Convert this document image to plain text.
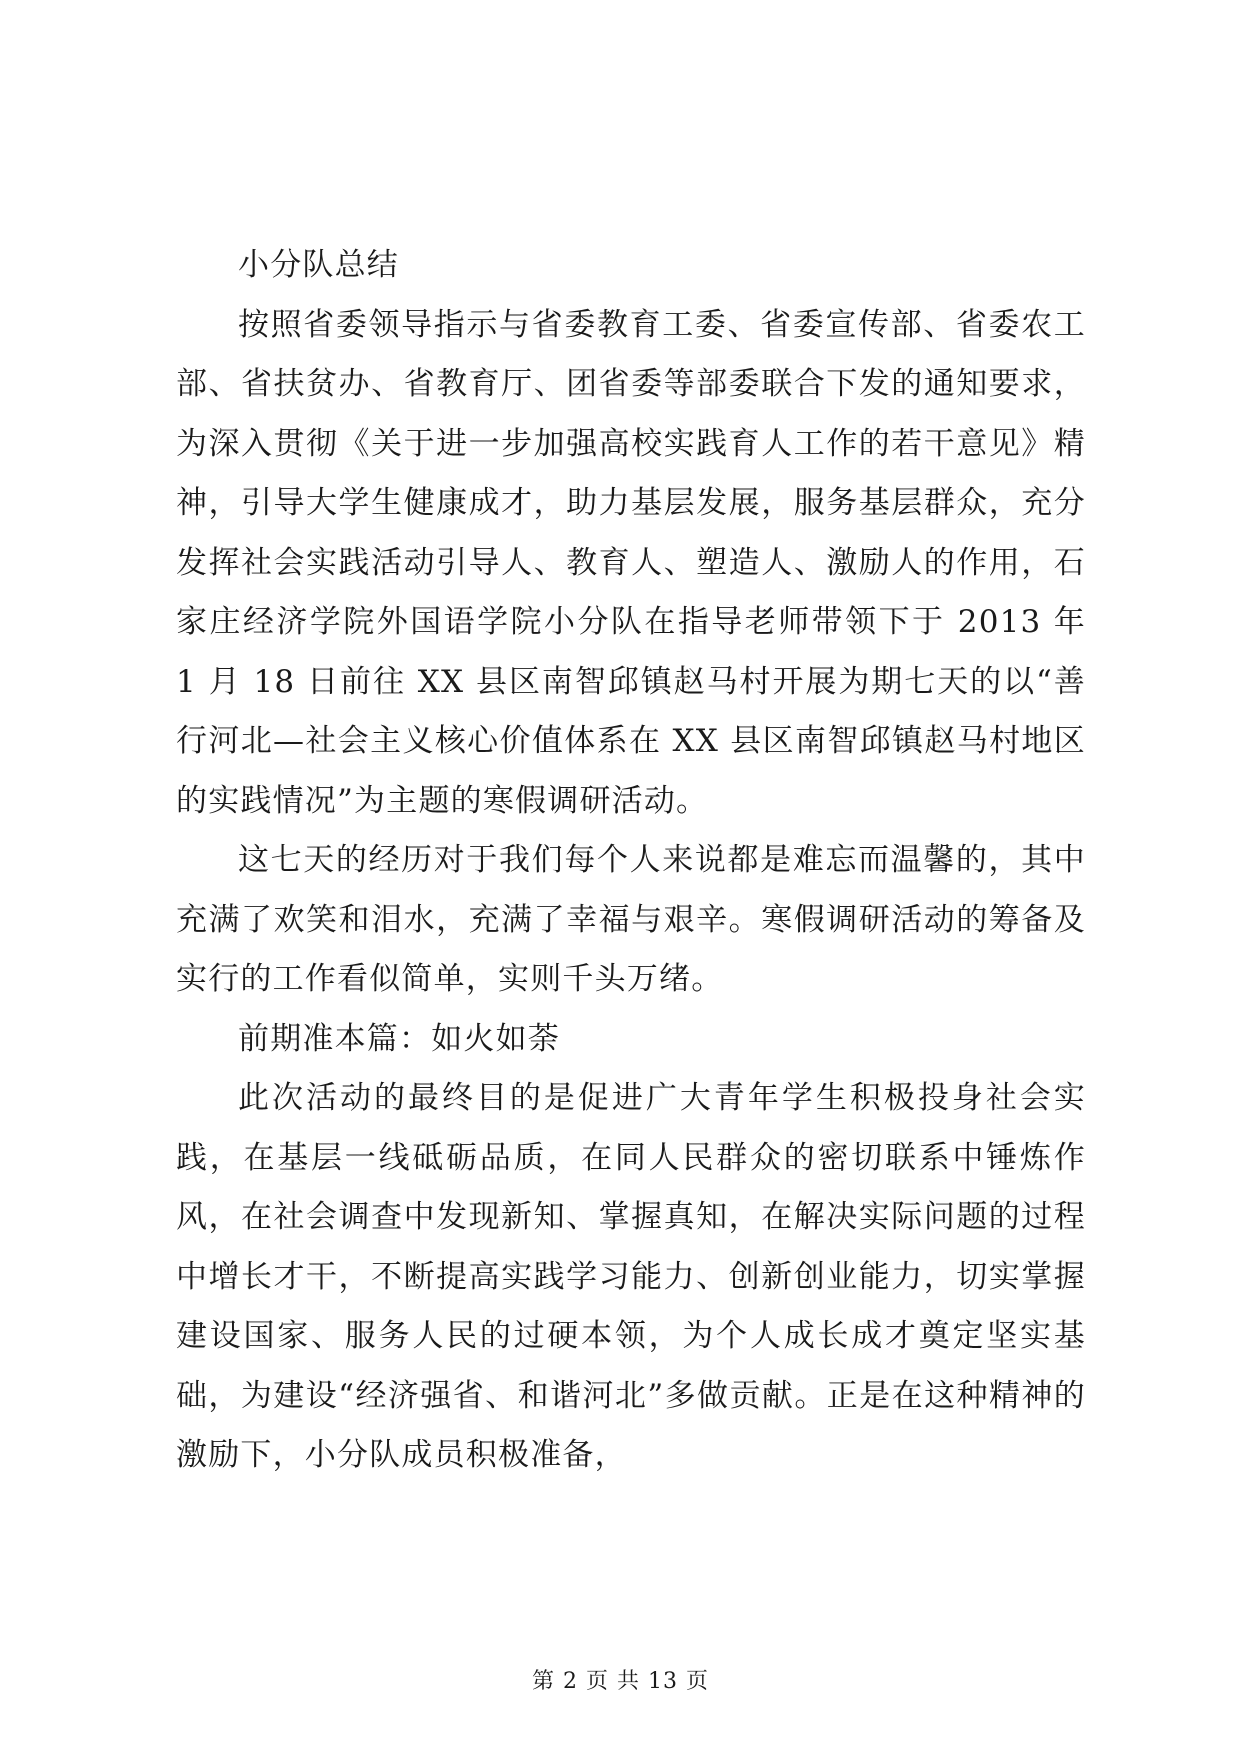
小分队总结

按照省委领导指示与省委教育工委、省委宣传部、省委农工部、省扶贫办、省教育厅、团省委等部委联合下发的通知要求，为深入贯彻《关于进一步加强高校实践育人工作的若干意见》精神，引导大学生健康成才，助力基层发展，服务基层群众，充分发挥社会实践活动引导人、教育人、塑造人、激励人的作用，石家庄经济学院外国语学院小分队在指导老师带领下于 2013 年 1 月 18 日前往 XX 县区南智邱镇赵马村开展为期七天的以“善行河北—社会主义核心价值体系在 XX 县区南智邱镇赵马村地区的实践情况”为主题的寒假调研活动。

这七天的经历对于我们每个人来说都是难忘而温馨的，其中充满了欢笑和泪水，充满了幸福与艰辛。寒假调研活动的筹备及实行的工作看似简单，实则千头万绪。

前期准本篇：如火如荼

此次活动的最终目的是促进广大青年学生积极投身社会实践，在基层一线砥砺品质，在同人民群众的密切联系中锤炼作风，在社会调查中发现新知、掌握真知，在解决实际问题的过程中增长才干，不断提高实践学习能力、创新创业能力，切实掌握建设国家、服务人民的过硬本领，为个人成长成才奠定坚实基础，为建设“经济强省、和谐河北”多做贡献。正是在这种精神的激励下，小分队成员积极准备，

第 2 页 共 13 页
